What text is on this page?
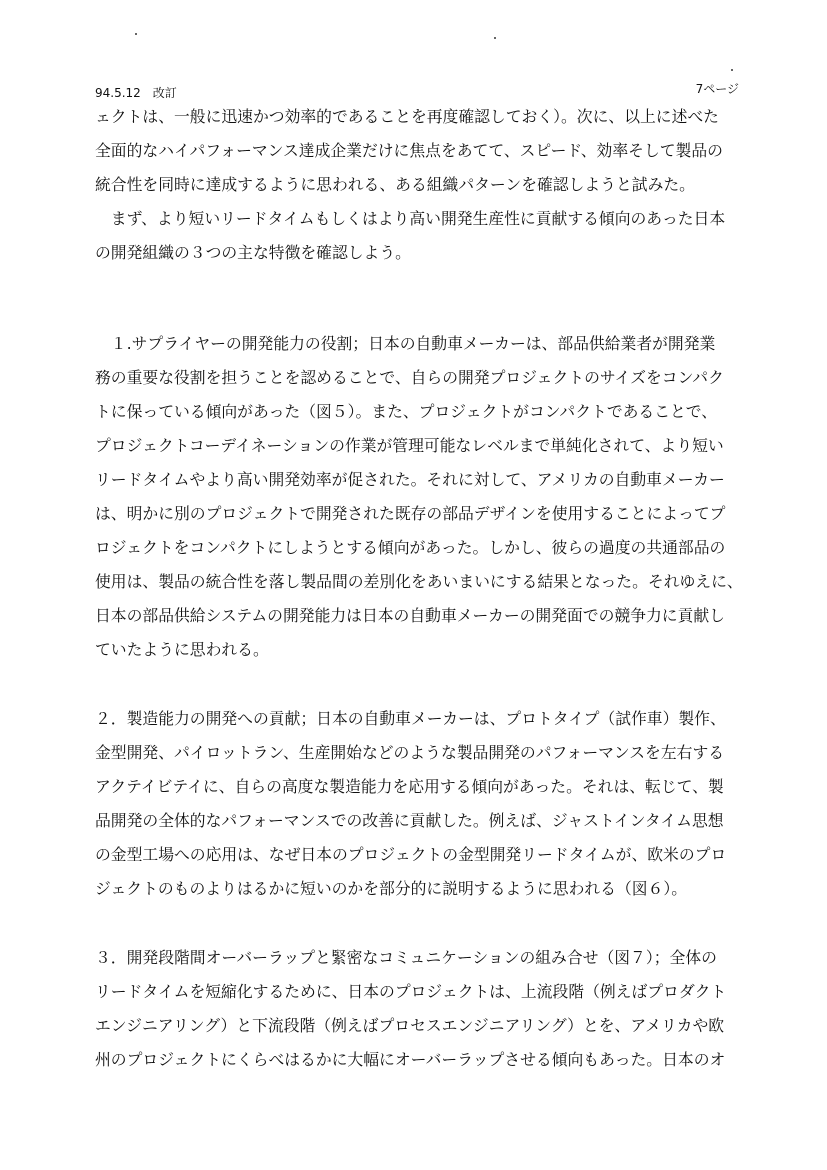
94.5.12　改訂	7ページ

ェクトは、一般に迅速かつ効率的であることを再度確認しておく）。次に、以上に述べた
全面的なハイパフォーマンス達成企業だけに焦点をあてて、スピード、効率そして製品の
統合性を同時に達成するように思われる、ある組織パターンを確認しようと試みた。
　まず、より短いリードタイムもしくはより高い開発生産性に貢献する傾向のあった日本
の開発組織の３つの主な特徴を確認しよう。

　１.サプライヤーの開発能力の役割；日本の自動車メーカーは、部品供給業者が開発業
務の重要な役割を担うことを認めることで、自らの開発プロジェクトのサイズをコンパク
トに保っている傾向があった（図５）。また、プロジェクトがコンパクトであることで、
プロジェクトコーデイネーションの作業が管理可能なレベルまで単純化されて、より短い
リードタイムやより高い開発効率が促された。それに対して、アメリカの自動車メーカー
は、明かに別のプロジェクトで開発された既存の部品デザインを使用することによってプ
ロジェクトをコンパクトにしようとする傾向があった。しかし、彼らの過度の共通部品の
使用は、製品の統合性を落し製品間の差別化をあいまいにする結果となった。それゆえに、
日本の部品供給システムの開発能力は日本の自動車メーカーの開発面での競争力に貢献し
ていたように思われる。

２．製造能力の開発への貢献；日本の自動車メーカーは、プロトタイプ（試作車）製作、
金型開発、パイロットラン、生産開始などのような製品開発のパフォーマンスを左右する
アクテイビテイに、自らの高度な製造能力を応用する傾向があった。それは、転じて、製
品開発の全体的なパフォーマンスでの改善に貢献した。例えば、ジャストインタイム思想
の金型工場への応用は、なぜ日本のプロジェクトの金型開発リードタイムが、欧米のプロ
ジェクトのものよりはるかに短いのかを部分的に説明するように思われる（図６）。

３．開発段階間オーバーラップと緊密なコミュニケーションの組み合せ（図７）；全体の
リードタイムを短縮化するために、日本のプロジェクトは、上流段階（例えばプロダクト
エンジニアリング）と下流段階（例えばプロセスエンジニアリング）とを、アメリカや欧
州のプロジェクトにくらべはるかに大幅にオーバーラップさせる傾向もあった。日本のオ
